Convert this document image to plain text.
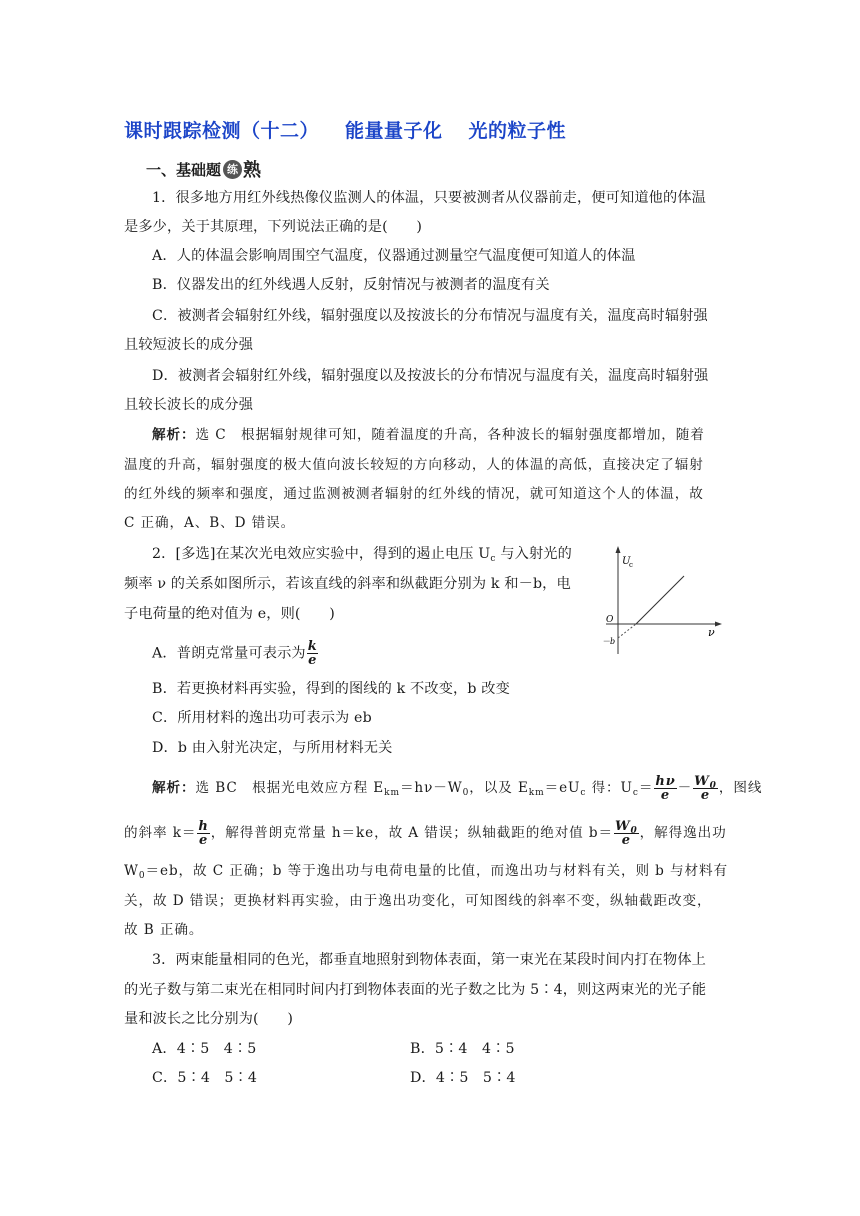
课时跟踪检测（十二） 能量量子化 光的粒子性
一、基础题 练 熟
1．很多地方用红外线热像仪监测人的体温，只要被测者从仪器前走，便可知道他的体温
是多少，关于其原理，下列说法正确的是(　　)
A．人的体温会影响周围空气温度，仪器通过测量空气温度便可知道人的体温
B．仪器发出的红外线遇人反射，反射情况与被测者的温度有关
C．被测者会辐射红外线，辐射强度以及按波长的分布情况与温度有关，温度高时辐射强
且较短波长的成分强
D．被测者会辐射红外线，辐射强度以及按波长的分布情况与温度有关，温度高时辐射强
且较长波长的成分强
解析：选 C　根据辐射规律可知，随着温度的升高，各种波长的辐射强度都增加，随着
温度的升高，辐射强度的极大值向波长较短的方向移动，人的体温的高低，直接决定了辐射
的红外线的频率和强度，通过监测被测者辐射的红外线的情况，就可知道这个人的体温，故
C 正确，A、B、D 错误。
2．[多选]在某次光电效应实验中，得到的遏止电压 $U_c$ 与入射光的
频率 ν 的关系如图所示，若该直线的斜率和纵截距分别为 k 和－b，电
子电荷量的绝对值为 e，则(　　)
U
c
ν
O
－b
A．普朗克常量可表示为 $\frac{k}{e}$
B．若更换材料再实验，得到的图线的 k 不改变，b 改变
C．所用材料的逸出功可表示为 eb
D．b 由入射光决定，与所用材料无关
解析：选 BC　根据光电效应方程 $E_{km}=h\nu-W_0$，以及 $E_{km}=eU_c$ 得：$U_c= \frac{h\nu}{e} - \frac{W_0}{e}$ ，图线
的斜率 $k= \frac{h}{e}$ ，解得普朗克常量 h＝ke，故 A 错误；纵轴截距的绝对值 $b= \frac{W_0}{e}$ ，解得逸出功
$W_0=eb$，故 C 正确；b 等于逸出功与电荷电量的比值，而逸出功与材料有关，则 b 与材料有
关，故 D 错误；更换材料再实验，由于逸出功变化，可知图线的斜率不变，纵轴截距改变，
故 B 正确。
3．两束能量相同的色光，都垂直地照射到物体表面，第一束光在某段时间内打在物体上
的光子数与第二束光在相同时间内打到物体表面的光子数之比为 5∶4，则这两束光的光子能
量和波长之比分别为(　　)
A．4∶5　4∶5	B．5∶4　4∶5
C．5∶4　5∶4	D．4∶5　5∶4
